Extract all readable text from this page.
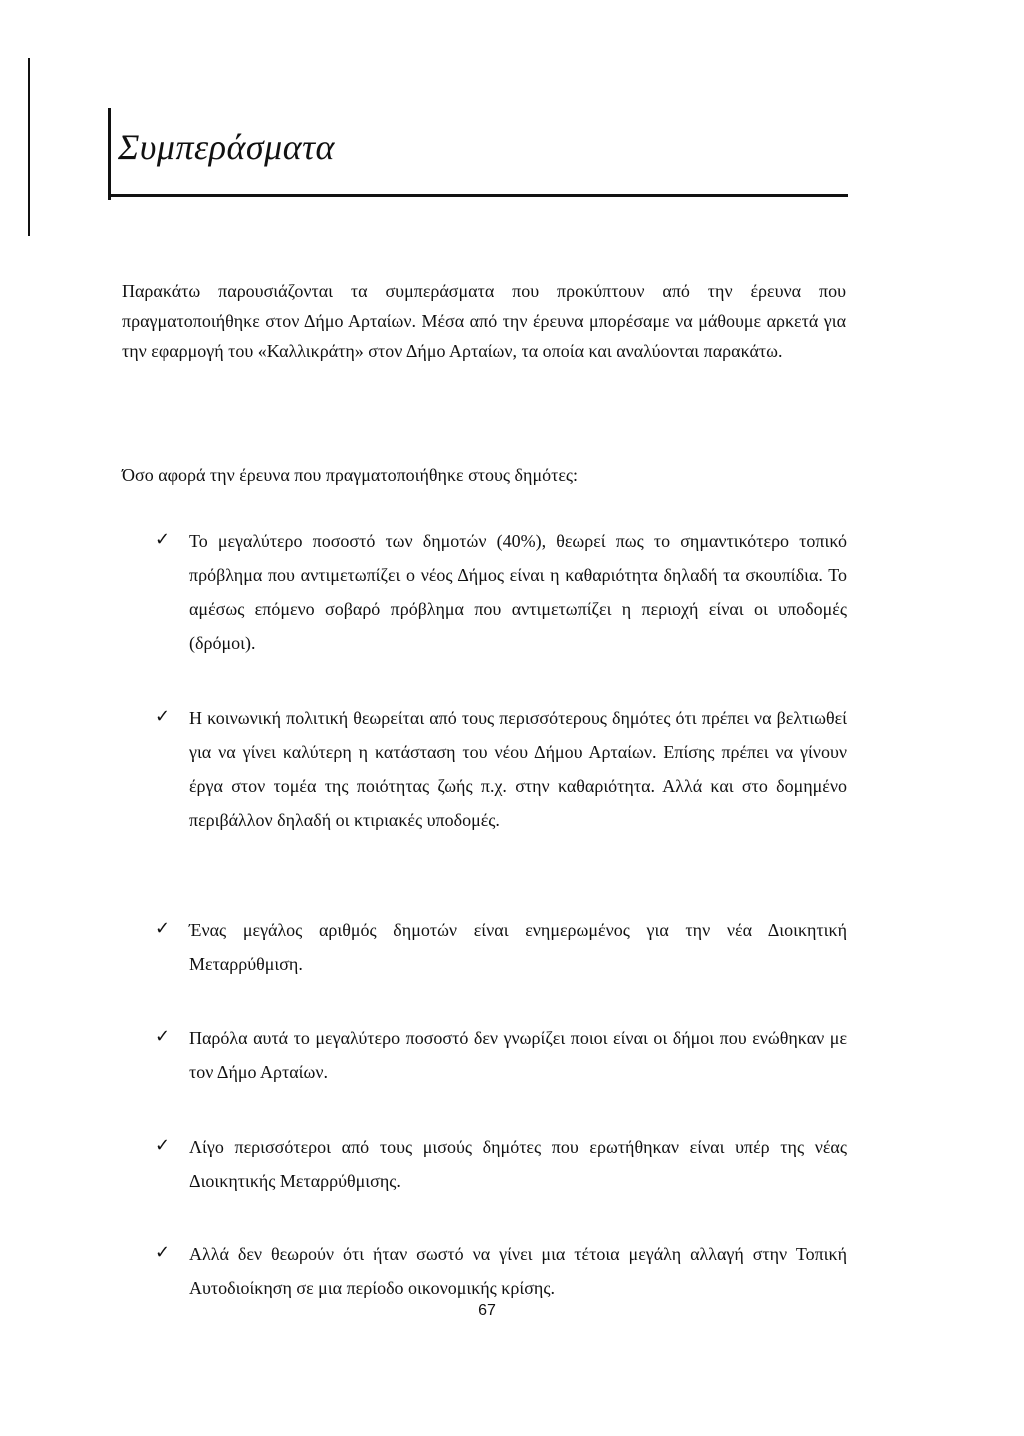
Συμπεράσματα

Παρακάτω παρουσιάζονται τα συμπεράσματα που προκύπτουν από την έρευνα που πραγματοποιήθηκε στον Δήμο Αρταίων. Μέσα από την έρευνα μπορέσαμε να μάθουμε αρκετά για την εφαρμογή του «Καλλικράτη» στον Δήμο Αρταίων, τα οποία και αναλύονται παρακάτω.

Όσο αφορά την έρευνα που πραγματοποιήθηκε στους δημότες:

✓	Το μεγαλύτερο ποσοστό των δημοτών (40%), θεωρεί πως το σημαντικότερο τοπικό πρόβλημα που αντιμετωπίζει ο νέος Δήμος είναι η καθαριότητα δηλαδή τα σκουπίδια. Το αμέσως επόμενο σοβαρό πρόβλημα που αντιμετωπίζει η περιοχή είναι οι υποδομές (δρόμοι).
✓	Η κοινωνική πολιτική θεωρείται από τους περισσότερους δημότες ότι πρέπει να βελτιωθεί για να γίνει καλύτερη η κατάσταση του νέου Δήμου Αρταίων. Επίσης πρέπει να γίνουν έργα στον τομέα της ποιότητας ζωής π.χ. στην καθαριότητα. Αλλά και στο δομημένο περιβάλλον δηλαδή οι κτιριακές υποδομές.
✓	Ένας μεγάλος αριθμός δημοτών είναι ενημερωμένος για την νέα Διοικητική Μεταρρύθμιση.
✓	Παρόλα αυτά το μεγαλύτερο ποσοστό δεν γνωρίζει ποιοι είναι οι δήμοι που ενώθηκαν με τον Δήμο Αρταίων.
✓	Λίγο περισσότεροι από τους μισούς δημότες που ερωτήθηκαν είναι υπέρ της νέας Διοικητικής Μεταρρύθμισης.
✓	Αλλά δεν θεωρούν ότι ήταν σωστό να γίνει μια τέτοια μεγάλη αλλαγή στην Τοπική Αυτοδιοίκηση σε μια περίοδο οικονομικής κρίσης.
67
